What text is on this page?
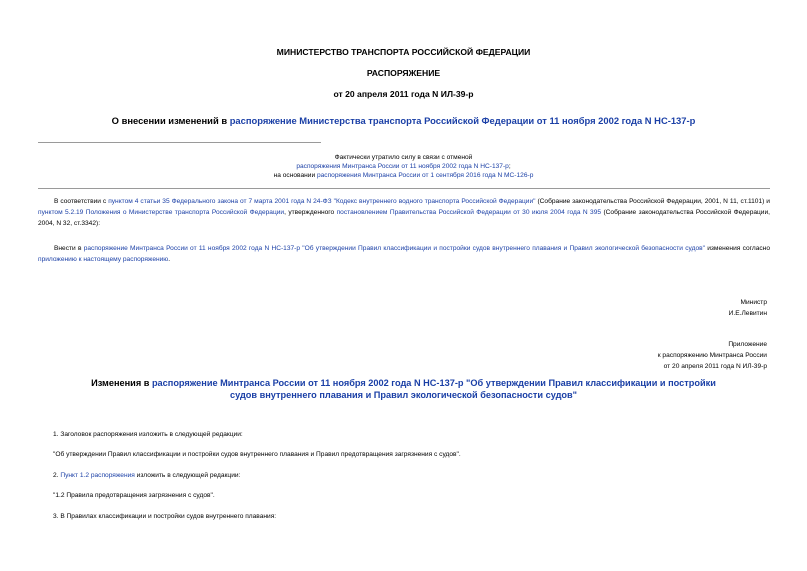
МИНИСТЕРСТВО ТРАНСПОРТА РОССИЙСКОЙ ФЕДЕРАЦИИ
РАСПОРЯЖЕНИЕ
от 20 апреля 2011 года N ИЛ-39-р
О внесении изменений в распоряжение Министерства транспорта Российской Федерации от 11 ноября 2002 года N НС-137-р
Фактически утратило силу в связи с отменой
распоряжения Минтранса России от 11 ноября 2002 года N НС-137-р;
на основании распоряжения Минтранса России от 1 сентября 2016 года N МС-126-р
В соответствии с пунктом 4 статьи 35 Федерального закона от 7 марта 2001 года N 24-ФЗ "Кодекс внутреннего водного транспорта Российской Федерации" (Собрание законодательства Российской Федерации, 2001, N 11, ст.1101) и пунктом 5.2.19 Положения о Министерстве транспорта Российской Федерации, утвержденного постановлением Правительства Российской Федерации от 30 июля 2004 года N 395 (Собрание законодательства Российской Федерации, 2004, N 32, ст.3342):
Внести в распоряжение Минтранса России от 11 ноября 2002 года N НС-137-р "Об утверждении Правил классификации и постройки судов внутреннего плавания и Правил экологической безопасности судов" изменения согласно приложению к настоящему распоряжению.
Министр
И.Е.Левитин
Приложение
к распоряжению Минтранса России
от 20 апреля 2011 года N ИЛ-39-р
Изменения в распоряжение Минтранса России от 11 ноября 2002 года N НС-137-р "Об утверждении Правил классификации и постройки судов внутреннего плавания и Правил экологической безопасности судов"
1. Заголовок распоряжения изложить в следующей редакции:
"Об утверждении Правил классификации и постройки судов внутреннего плавания и Правил предотвращения загрязнения с судов".
2. Пункт 1.2 распоряжения изложить в следующей редакции:
"1.2 Правила предотвращения загрязнения с судов".
3. В Правилах классификации и постройки судов внутреннего плавания:
